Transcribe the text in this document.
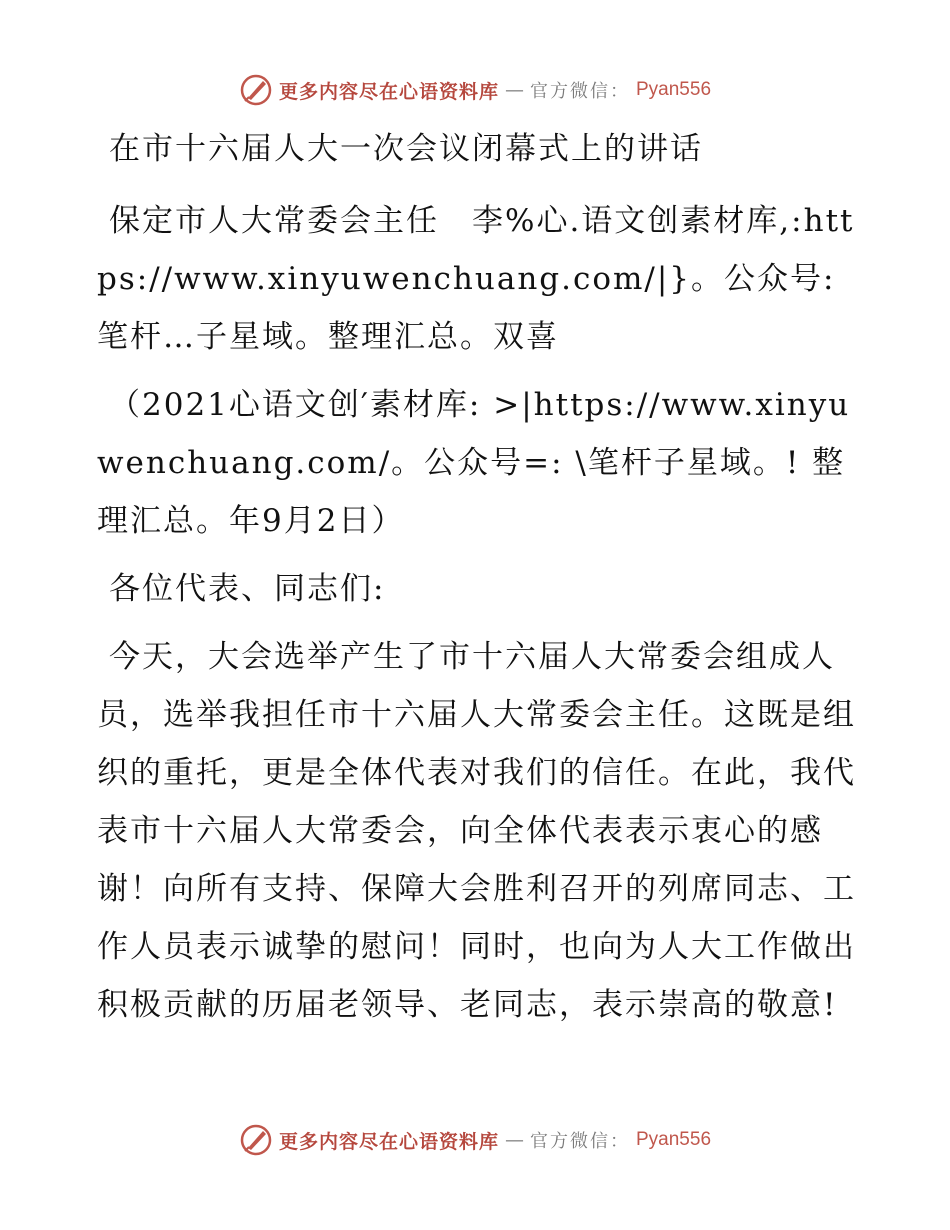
更多内容尽在心语资料库 — 官方微信： Pyan556

在市十六届人大一次会议闭幕式上的讲话

保定市人大常委会主任　李%心.语文创素材库,:https://www.xinyuwenchuang.com/|}。公众号:笔杆…子星域。整理汇总。双喜

（2021心语文创′素材库: >|https://www.xinyuwenchuang.com/。公众号=: \笔杆子星域。! 整理汇总。年9月2日）

各位代表、同志们:

今天，大会选举产生了市十六届人大常委会组成人员，选举我担任市十六届人大常委会主任。这既是组织的重托，更是全体代表对我们的信任。在此，我代表市十六届人大常委会，向全体代表表示衷心的感谢！向所有支持、保障大会胜利召开的列席同志、工作人员表示诚挚的慰问！同时，也向为人大工作做出积极贡献的历届老领导、老同志，表示崇高的敬意!

更多内容尽在心语资料库 — 官方微信： Pyan556
